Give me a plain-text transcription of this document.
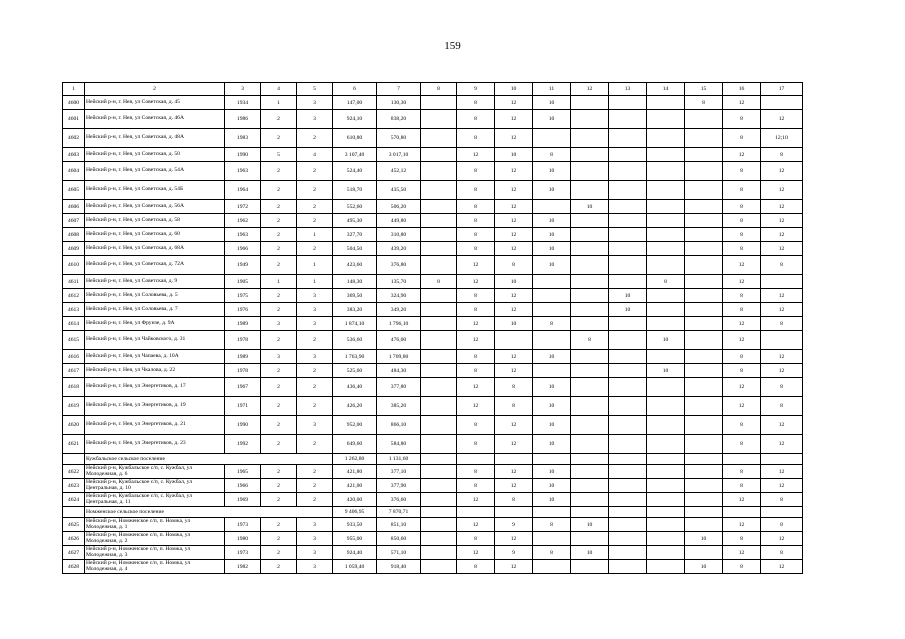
159
1	2	3	4	5	6	7	8	9	10	11	12	13	14	15	16	17
4600	Нейский р-н, г. Нея, ул Советская, д. 45	1934	1	3	147,00	130,30		8	12	10				8	12	
4601	Нейский р-н, г. Нея, ул Советская, д. 46А	1986	2	3	924,10	838,20		8	12	10					8	12
4602	Нейский р-н, г. Нея, ул Советская, д. 48А	1983	2	2	610,80	570,80		8	12						8	12;10
4603	Нейский р-н, г. Нея, ул Советская, д. 50	1990	5	4	3 107,40	3 017,10		12	10	8					12	8
4604	Нейский р-н, г. Нея, ул Советская, д. 54А	1963	2	2	524,40	452,12		8	12	10					8	12
4605	Нейский р-н, г. Нея, ул Советская, д. 54Б	1964	2	2	518,70	435,50		8	12	10					8	12
4606	Нейский р-н, г. Нея, ул Советская, д. 56А	1972	2	2	552,60	506,20		8	12		10				8	12
4607	Нейский р-н, г. Нея, ул Советская, д. 58	1962	2	2	495,30	449,80		8	12	10					8	12
4608	Нейский р-н, г. Нея, ул Советская, д. 60	1963	2	1	327,70	310,80		8	12	10					8	12
4609	Нейский р-н, г. Нея, ул Советская, д. 68А	1966	2	2	504,50	439,20		8	12	10					8	12
4610	Нейский р-н, г. Нея, ул Советская, д. 72А	1949	2	1	423,60	376,80		12	8	10					12	8
4611	Нейский р-н, г. Нея, ул Советская, д. 9	1905	1	1	148,30	135,70	8	12	10				8		12	
4612	Нейский р-н, г. Нея, ул Соловьева, д. 5	1975	2	3	369,50	324,90		8	12			10			8	12
4613	Нейский р-н, г. Нея, ул Соловьева, д. 7	1976	2	3	383,20	349,20		8	12			10			8	12
4614	Нейский р-н, г. Нея, ул Фрунзе, д. 9А	1989	3	3	1 874,10	1 796,10		12	10	8					12	8
4615	Нейский р-н, г. Нея, ул Чайковского, д. 31	1978	2	2	536,60	476,00		12			8		10		12	
4616	Нейский р-н, г. Нея, ул Чапаева, д. 10А	1989	3	3	1 763,90	1 709,80		8	12	10					8	12
4617	Нейский р-н, г. Нея, ул Чкалова, д. 22	1978	2	2	525,60	484,30		8	12				10		8	12
4618	Нейский р-н, г. Нея, ул Энергетиков, д. 17	1967	2	2	436,40	377,80		12	8	10					12	8
4619	Нейский р-н, г. Нея, ул Энергетиков, д. 19	1971	2	2	426,20	385,20		12	8	10					12	8
4620	Нейский р-н, г. Нея, ул Энергетиков, д. 21	1990	2	3	952,00	866,10		8	12	10					8	12
4621	Нейский р-н, г. Нея, ул Энергетиков, д. 23	1992	2	2	649,60	584,80		8	12	10					8	12
	Кужбальское сельское поселение				1 262,80	1 131,60										
4622	Нейский р-н, Кужбальское с/п, с. Кужбал, ул Молодежная, д. 6	1965	2	2	421,80	377,10		8	12	10					8	12
4623	Нейский р-н, Кужбальское с/п, с. Кужбал, ул Центральная, д. 10	1966	2	2	421,00	377,90		8	12	10					8	12
4624	Нейский р-н, Кужбальское с/п, с. Кужбал, ул Центральная, д. 11	1969	2	2	420,00	376,60		12	8	10					12	8
	Номженское сельское поселение				9 406,95	7 870,71										
4625	Нейский р-н, Номженское с/п, п. Номжа, ул Молодежная, д. 1	1973	2	3	933,50	851,10		12	9	8	10				12	8
4626	Нейский р-н, Номженское с/п, п. Номжа, ул Молодежная, д. 2	1980	2	3	955,00	850,60		8	12					10	8	12
4627	Нейский р-н, Номженское с/п, п. Номжа, ул Молодежная, д. 3	1973	2	3	924,40	571,10		12	9	8	10				12	8
4628	Нейский р-н, Номженское с/п, п. Номжа, ул Молодежная, д. 4	1982	2	3	1 059,40	918,40		8	12					10	8	12
